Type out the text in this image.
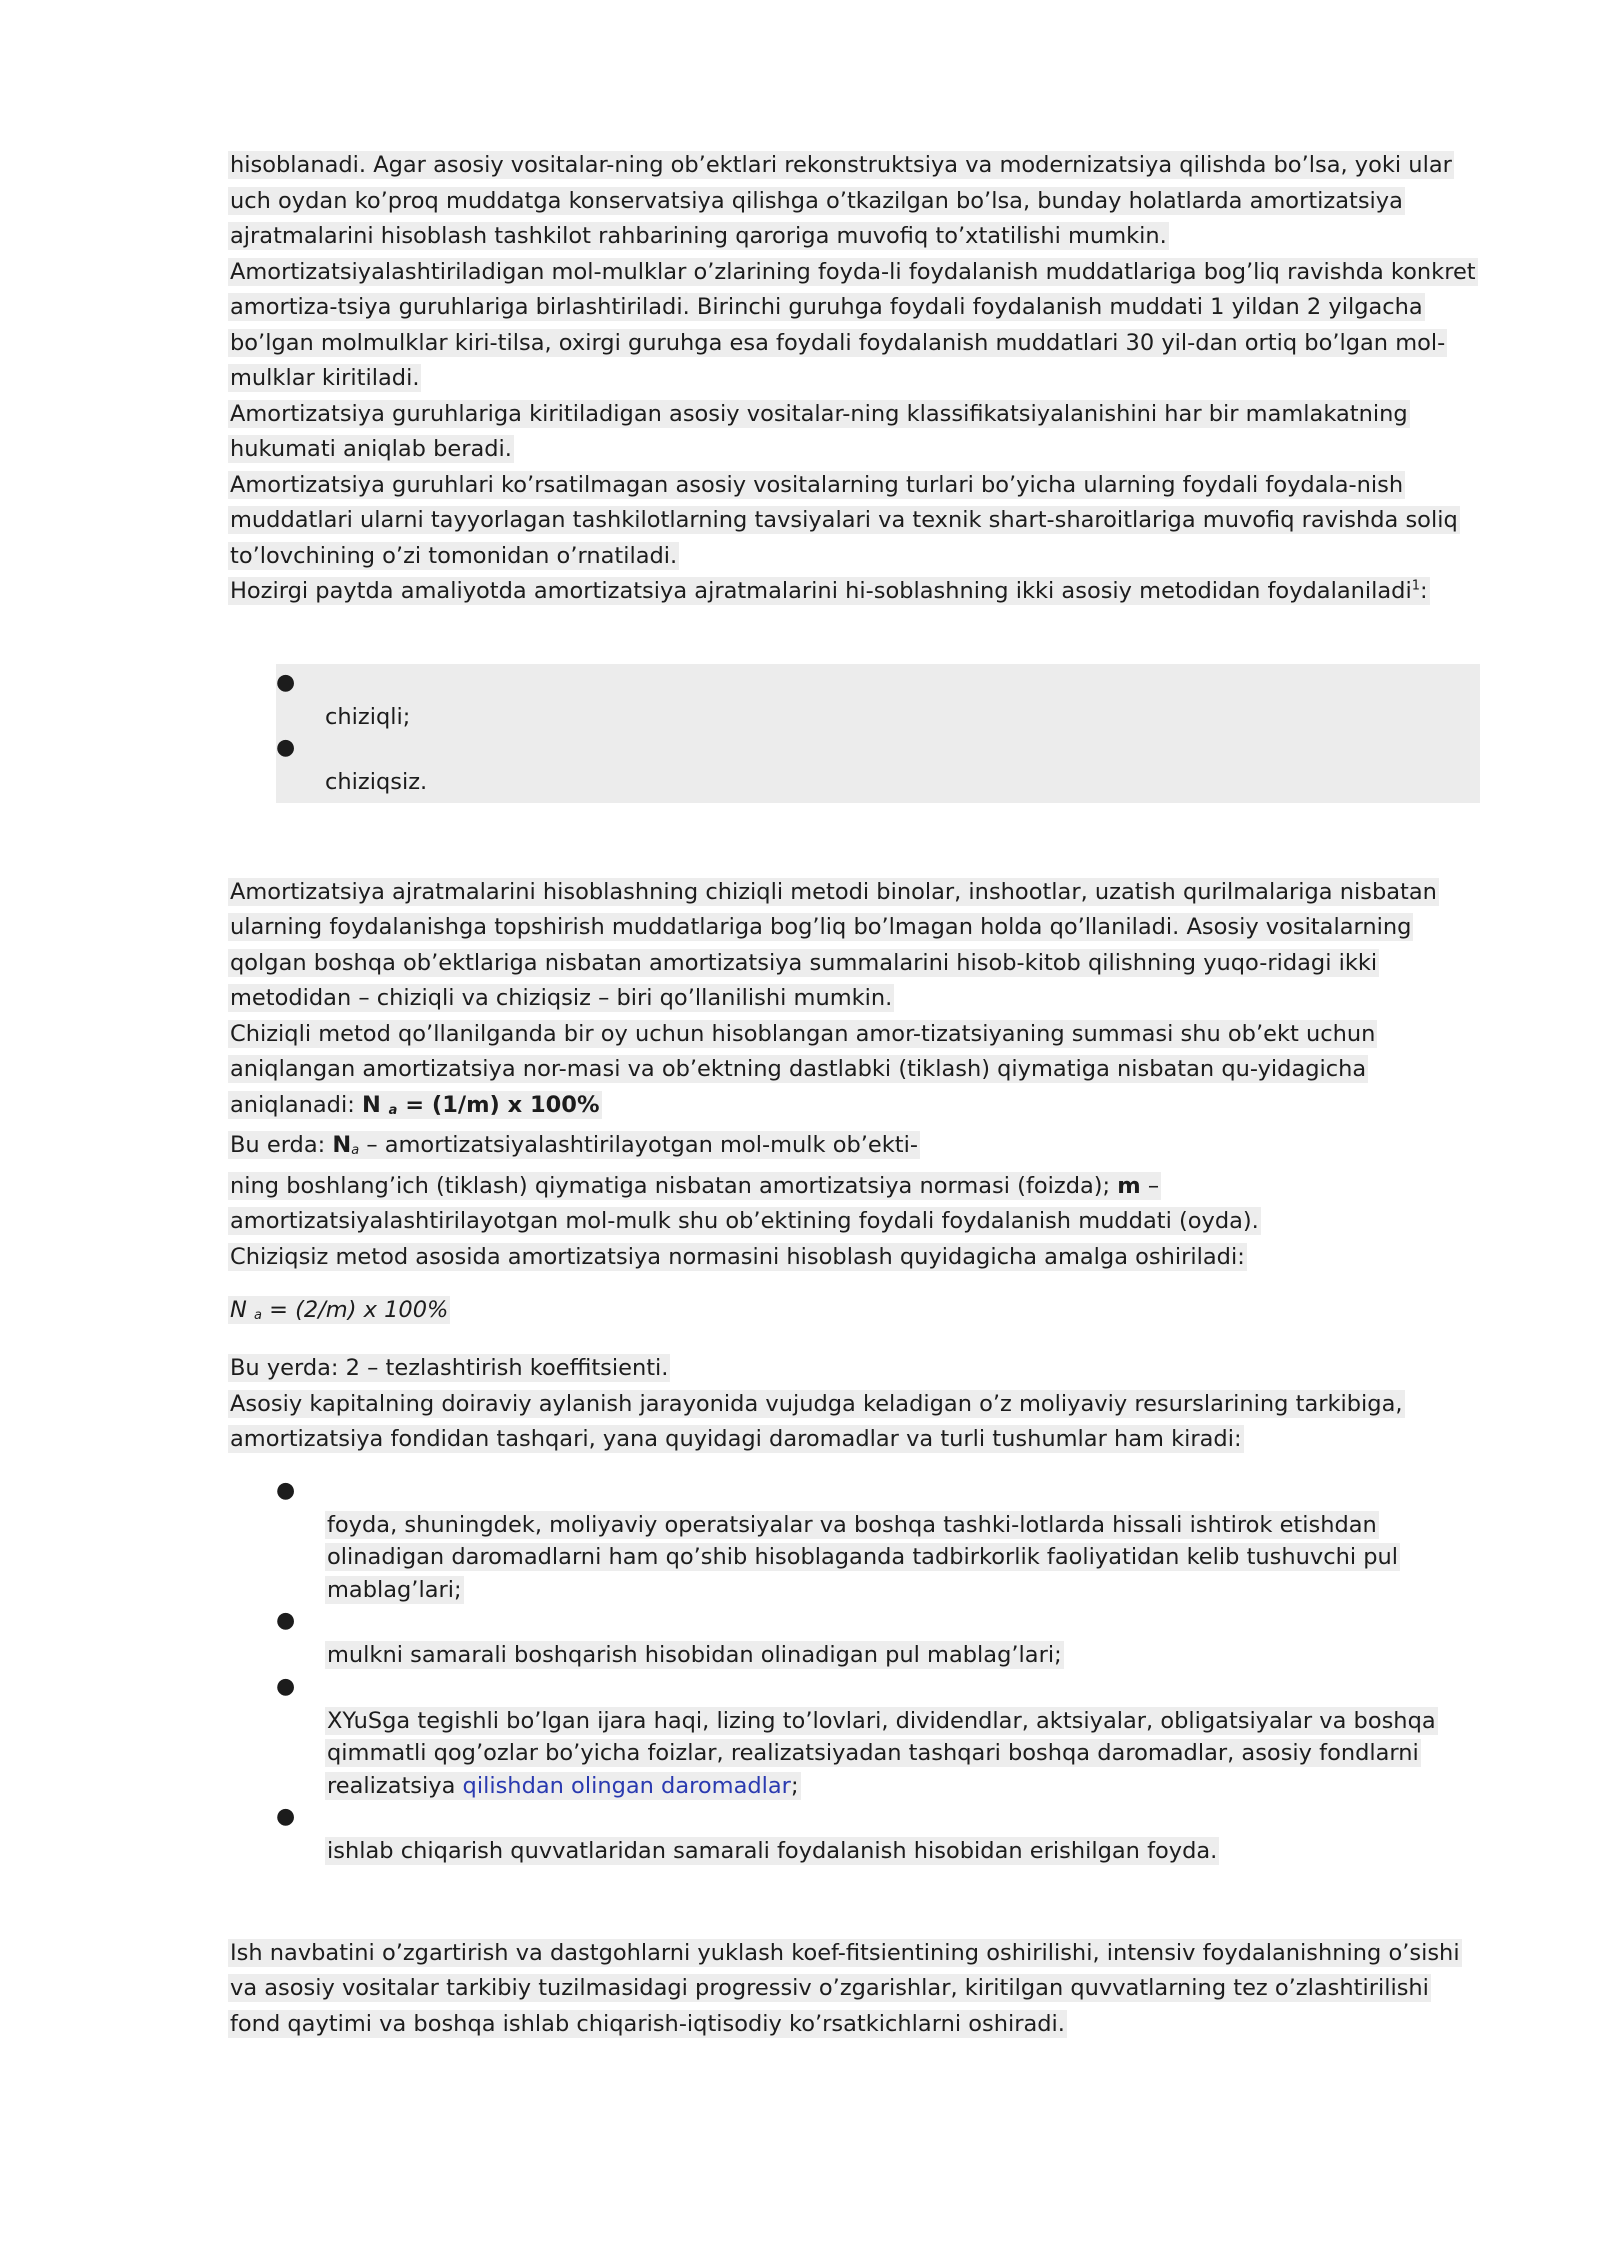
hisoblanadi. Agar asosiy vositalar-ning ob’ektlari rekonstruktsiya va modernizatsiya qilishda bo’lsa, yoki ular uch oydan ko’proq muddatga konservatsiya qilishga o’tkazilgan bo’lsa, bunday holatlarda amortizatsiya ajratmalarini hisoblash tashkilot rahbarining qaroriga muvofiq to’xtatilishi mumkin.

Amortizatsiyalashtiriladigan mol-mulklar o’zlarining foyda-li foydalanish muddatlariga bog’liq ravishda konkret amortiza-tsiya guruhlariga birlashtiriladi. Birinchi guruhga foydali foydalanish muddati 1 yildan 2 yilgacha bo’lgan molmulklar kiri-tilsa, oxirgi guruhga esa foydali foydalanish muddatlari 30 yil-dan ortiq bo’lgan mol-mulklar kiritiladi.

Amortizatsiya guruhlariga kiritiladigan asosiy vositalar-ning klassifikatsiyalanishini har bir mamlakatning hukumati aniqlab beradi.

Amortizatsiya guruhlari ko’rsatilmagan asosiy vositalarning turlari bo’yicha ularning foydali foydala-nish muddatlari ularni tayyorlagan tashkilotlarning tavsiyalari va texnik shart-sharoitlariga muvofiq ravishda soliq to’lovchining o’zi tomonidan o’rnatiladi.

Hozirgi paytda amaliyotda amortizatsiya ajratmalarini hi-soblashning ikki asosiy metodidan foydalaniladi$^1$:

●
chiziqli;
●
chiziqsiz.

Amortizatsiya ajratmalarini hisoblashning chiziqli metodi binolar, inshootlar, uzatish qurilmalariga nisbatan ularning foydalanishga topshirish muddatlariga bog’liq bo’lmagan holda qo’llaniladi. Asosiy vositalarning qolgan boshqa ob’ektlariga nisbatan amortizatsiya summalarini hisob-kitob qilishning yuqo-ridagi ikki metodidan – chiziqli va chiziqsiz – biri qo’llanilishi mumkin.

Chiziqli metod qo’llanilganda bir oy uchun hisoblangan amor-tizatsiyaning summasi shu ob’ekt uchun aniqlangan amortizatsiya nor-masi va ob’ektning dastlabki (tiklash) qiymatiga nisbatan qu-yidagicha aniqlanadi: N a = (1/m) x 100%

Bu erda: Na – amortizatsiyalashtirilayotgan mol-mulk ob’ekti-
ning boshlang’ich (tiklash) qiymatiga nisbatan amortizatsiya normasi (foizda); m – amortizatsiyalashtirilayotgan mol-mulk shu ob’ektining foydali foydalanish muddati (oyda).

Chiziqsiz metod asosida amortizatsiya normasini hisoblash quyidagicha amalga oshiriladi:

N a = (2/m) x 100%

Bu yerda: 2 – tezlashtirish koeffitsienti.

Asosiy kapitalning doiraviy aylanish jarayonida vujudga keladigan o’z moliyaviy resurslarining tarkibiga, amortizatsiya fondidan tashqari, yana quyidagi daromadlar va turli tushumlar ham kiradi:

●
foyda, shuningdek, moliyaviy operatsiyalar va boshqa tashki-lotlarda hissali ishtirok etishdan olinadigan daromadlarni ham qo’shib hisoblaganda tadbirkorlik faoliyatidan kelib tushuvchi pul mablag’lari;
●
mulkni samarali boshqarish hisobidan olinadigan pul mablag’lari;
●
XYuSga tegishli bo’lgan ijara haqi, lizing to’lovlari, dividendlar, aktsiyalar, obligatsiyalar va boshqa qimmatli qog’ozlar bo’yicha foizlar, realizatsiyadan tashqari boshqa daromadlar, asosiy fondlarni realizatsiya qilishdan olingan daromadlar;
●
ishlab chiqarish quvvatlaridan samarali foydalanish hisobidan erishilgan foyda.

Ish navbatini o’zgartirish va dastgohlarni yuklash koef-fitsientining oshirilishi, intensiv foydalanishning o’sishi va asosiy vositalar tarkibiy tuzilmasidagi progressiv o’zgarishlar, kiritilgan quvvatlarning tez o’zlashtirilishi fond qaytimi va boshqa ishlab chiqarish-iqtisodiy ko’rsatkichlarni oshiradi.
